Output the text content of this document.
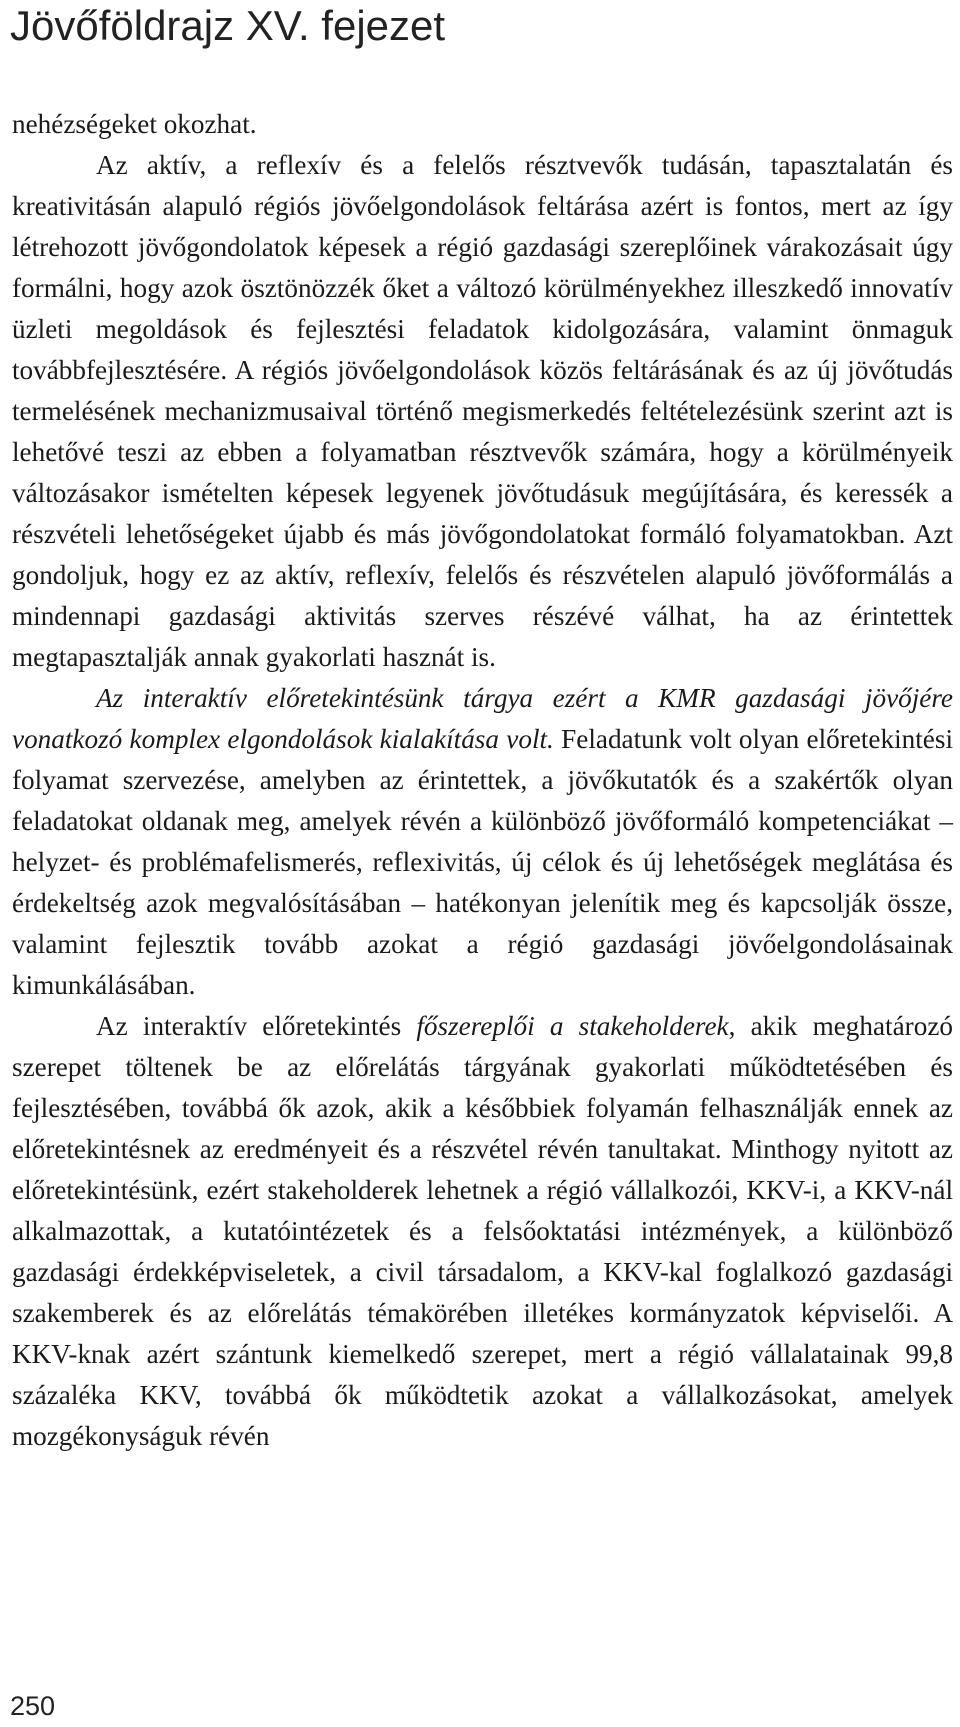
Jövőföldrajz XV. fejezet

nehézségeket okozhat.

Az aktív, a reflexív és a felelős résztvevők tudásán, tapasztalatán és kreativitásán alapuló régiós jövőelgondolások feltárása azért is fontos, mert az így létrehozott jövőgondolatok képesek a régió gazdasági szereplőinek várakozásait úgy formálni, hogy azok ösztönözzék őket a változó körülményekhez illeszkedő innovatív üzleti megoldások és fejlesztési feladatok kidolgozására, valamint önmaguk továbbfejlesztésére. A régiós jövőelgondolások közös feltárásának és az új jövőtudás termelésének mechanizmusaival történő megismerkedés feltételezésünk szerint azt is lehetővé teszi az ebben a folyamatban résztvevők számára, hogy a körülményeik változásakor ismételten képesek legyenek jövőtudásuk megújítására, és keressék a részvételi lehetőségeket újabb és más jövőgondolatokat formáló folyamatokban. Azt gondoljuk, hogy ez az aktív, reflexív, felelős és részvételen alapuló jövőformálás a mindennapi gazdasági aktivitás szerves részévé válhat, ha az érintettek megtapasztalják annak gyakorlati hasznát is.

Az interaktív előretekintésünk tárgya ezért a KMR gazdasági jövőjére vonatkozó komplex elgondolások kialakítása volt. Feladatunk volt olyan előretekintési folyamat szervezése, amelyben az érintettek, a jövőkutatók és a szakértők olyan feladatokat oldanak meg, amelyek révén a különböző jövőformáló kompetenciákat – helyzet- és problémafelismerés, reflexivitás, új célok és új lehetőségek meglátása és érdekeltség azok megvalósításában – hatékonyan jelenítik meg és kapcsolják össze, valamint fejlesztik tovább azokat a régió gazdasági jövőelgondolásainak kimunkálásában.

Az interaktív előretekintés főszereplői a stakeholderek, akik meghatározó szerepet töltenek be az előrelátás tárgyának gyakorlati működtetésében és fejlesztésében, továbbá ők azok, akik a későbbiek folyamán felhasználják ennek az előretekintésnek az eredményeit és a részvétel révén tanultakat. Minthogy nyitott az előretekintésünk, ezért stakeholderek lehetnek a régió vállalkozói, KKV-i, a KKV-nál alkalmazottak, a kutatóintézetek és a felsőoktatási intézmények, a különböző gazdasági érdekképviseletek, a civil társadalom, a KKV-kal foglalkozó gazdasági szakemberek és az előrelátás témakörében illetékes kormányzatok képviselői. A KKV-knak azért szántunk kiemelkedő szerepet, mert a régió vállalatainak 99,8 százaléka KKV, továbbá ők működtetik azokat a vállalkozásokat, amelyek mozgékonyságuk révén

250
